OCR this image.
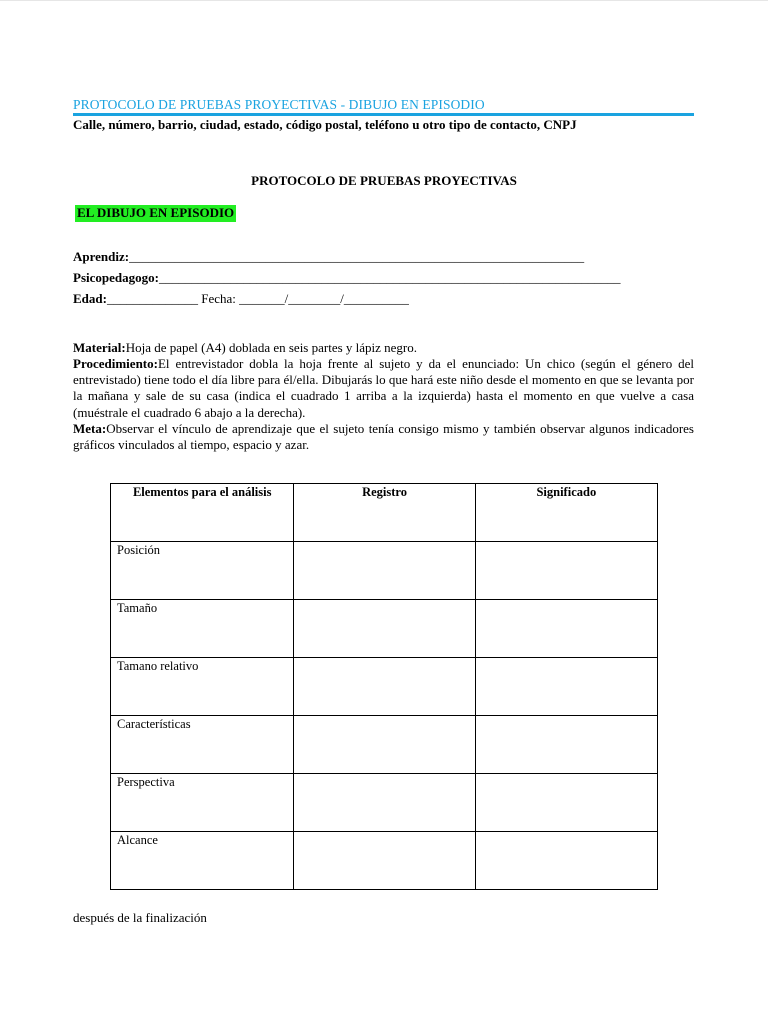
PROTOCOLO DE PRUEBAS PROYECTIVAS - DIBUJO EN EPISODIO
Calle, número, barrio, ciudad, estado, código postal, teléfono u otro tipo de contacto, CNPJ
PROTOCOLO DE PRUEBAS PROYECTIVAS
EL DIBUJO EN EPISODIO
Aprendiz:______________________________________________________________________
Psicopedagogo:_______________________________________________________________________
Edad:______________ Fecha: _______/________/__________
Material:Hoja de papel (A4) doblada en seis partes y lápiz negro.
Procedimiento:El entrevistador dobla la hoja frente al sujeto y da el enunciado: Un chico (según el género del entrevistado) tiene todo el día libre para él/ella. Dibujarás lo que hará este niño desde el momento en que se levanta por la mañana y sale de su casa (indica el cuadrado 1 arriba a la izquierda) hasta el momento en que vuelve a casa (muéstrale el cuadrado 6 abajo a la derecha).
Meta:Observar el vínculo de aprendizaje que el sujeto tenía consigo mismo y también observar algunos indicadores gráficos vinculados al tiempo, espacio y azar.
Elementos para el análisis	Registro	Significado
Posición		
Tamaño		
Tamano relativo		
Características		
Perspectiva		
Alcance		
después de la finalización
